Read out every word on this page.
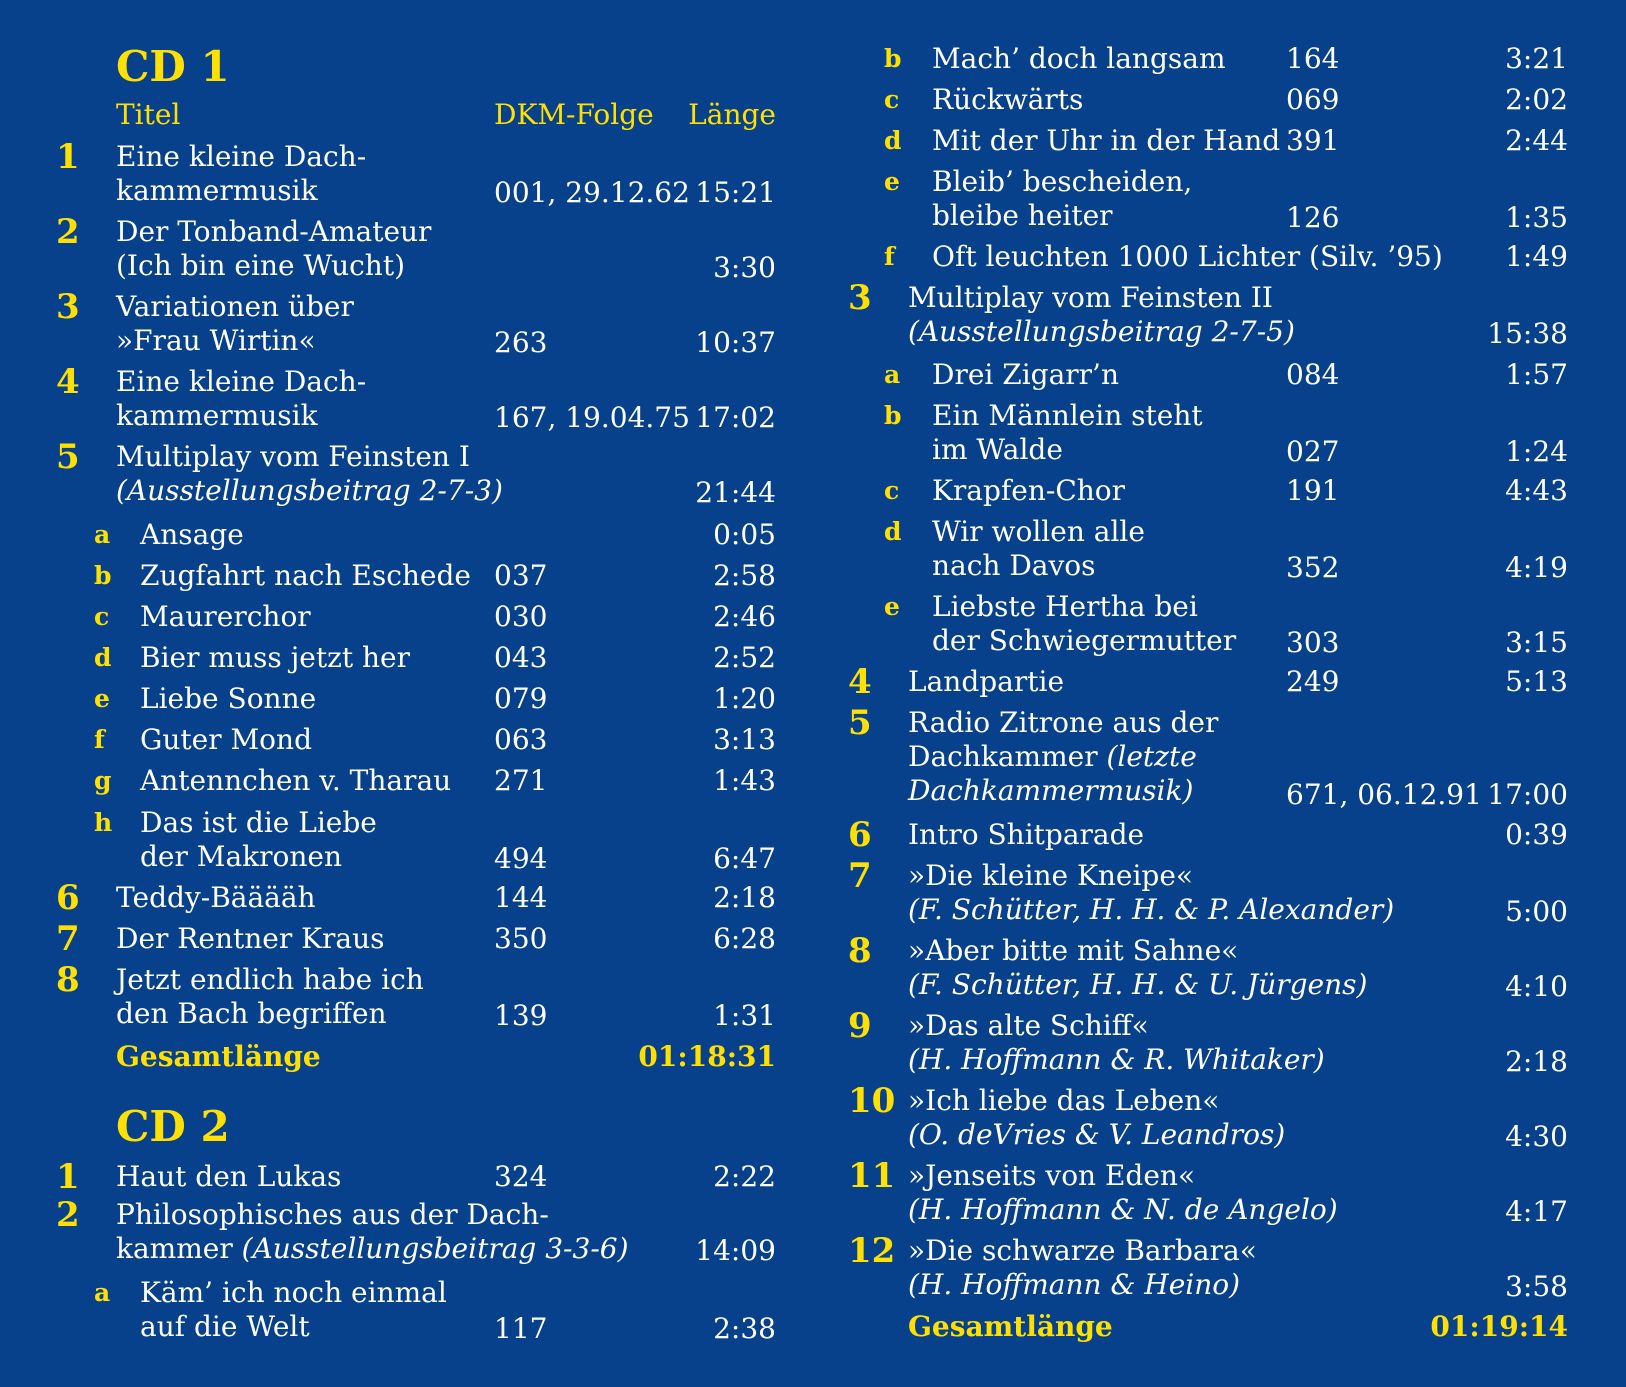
CD 1
Titel	DKM-Folge Länge
1 Eine kleine Dach-
kammermusik	001, 29.12.62 15:21
2 Der Tonband-Amateur
(Ich bin eine Wucht)	3:30
3 Variationen über
»Frau Wirtin«	263	10:37
4 Eine kleine Dach-
kammermusik	167, 19.04.75 17:02
5 Multiplay vom Feinsten I
(Ausstellungsbeitrag 2-7-3)	21:44
a Ansage	0:05
b Zugfahrt nach Eschede 037	2:58
c Maurerchor	030	2:46
d Bier muss jetzt her	043	2:52
e Liebe Sonne	079	1:20
f Guter Mond	063	3:13
g Antennchen v. Tharau 271	1:43
h Das ist die Liebe
der Makronen	494	6:47
6 Teddy-Bääääh	144	2:18
7 Der Rentner Kraus	350	6:28
8 Jetzt endlich habe ich
den Bach begriffen	139	1:31
Gesamtlänge	01:18:31
CD 2
1 Haut den Lukas	324	2:22
2 Philosophisches aus der Dach-
kammer (Ausstellungsbeitrag 3-3-6) 14:09
a Käm’ ich noch einmal
auf die Welt	117	2:38
b Mach’ doch langsam 164	3:21
c Rückwärts	069	2:02
d Mit der Uhr in der Hand 391	2:44
e Bleib’ bescheiden,
bleibe heiter	126	1:35
f Oft leuchten 1000 Lichter (Silv. ’95) 1:49
3 Multiplay vom Feinsten II
(Ausstellungsbeitrag 2-7-5)	15:38
a Drei Zigarr’n	084	1:57
b Ein Männlein steht
im Walde	027	1:24
c Krapfen-Chor	191	4:43
d Wir wollen alle
nach Davos	352	4:19
e Liebste Hertha bei
der Schwiegermutter 303	3:15
4 Landpartie	249	5:13
5 Radio Zitrone aus der
Dachkammer (letzte
Dachkammermusik)	671, 06.12.91 17:00
6 Intro Shitparade	0:39
7 »Die kleine Kneipe«
(F. Schütter, H. H. & P. Alexander)	5:00
8 »Aber bitte mit Sahne«
(F. Schütter, H. H. & U. Jürgens)	4:10
9 »Das alte Schiff«
(H. Hoffmann & R. Whitaker)	2:18
10 »Ich liebe das Leben«
(O. deVries & V. Leandros)	4:30
11 »Jenseits von Eden«
(H. Hoffmann & N. de Angelo)	4:17
12 »Die schwarze Barbara«
(H. Hoffmann & Heino)	3:58
Gesamtlänge	01:19:14
